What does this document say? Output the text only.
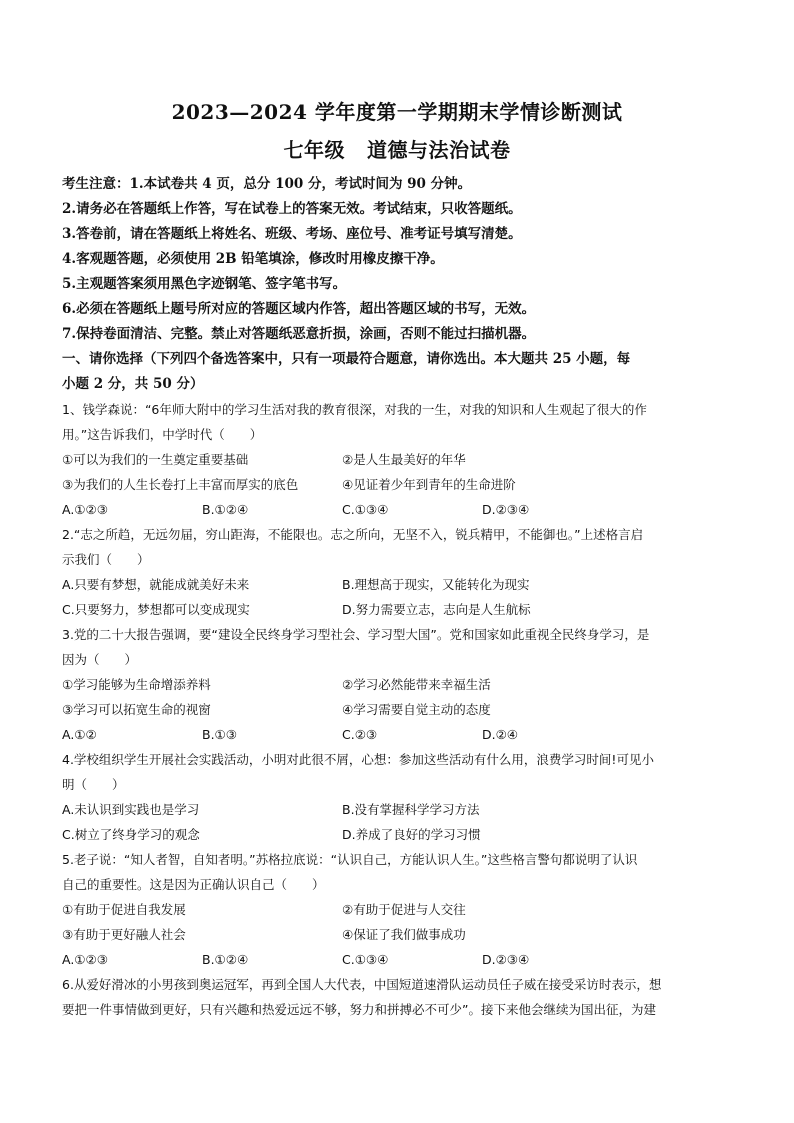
2023—2024 学年度第一学期期末学情诊断测试
七年级 道德与法治试卷
考生注意：1.本试卷共 4 页，总分 100 分，考试时间为 90 分钟。
2.请务必在答题纸上作答，写在试卷上的答案无效。考试结束，只收答题纸。
3.答卷前，请在答题纸上将姓名、班级、考场、座位号、准考证号填写清楚。
4.客观题答题，必须使用 2B 铅笔填涂，修改时用橡皮擦干净。
5.主观题答案须用黑色字迹钢笔、签字笔书写。
6.必须在答题纸上题号所对应的答题区域内作答，超出答题区域的书写，无效。
7.保持卷面清洁、完整。禁止对答题纸恶意折损，涂画，否则不能过扫描机器。
一、请你选择（下列四个备选答案中，只有一项最符合题意，请你选出。本大题共 25 小题，每
小题 2 分，共 50 分）
1、钱学森说：“6年师大附中的学习生活对我的教育很深，对我的一生，对我的知识和人生观起了很大的作
用。”这告诉我们，中学时代（　　）
①可以为我们的一生奠定重要基础	②是人生最美好的年华
③为我们的人生长卷打上丰富而厚实的底色	④见证着少年到青年的生命进阶
A.①②③	B.①②④	C.①③④	D.②③④
2.“志之所趋，无远勿届，穷山距海，不能限也。志之所向，无坚不入，锐兵精甲，不能御也。”上述格言启
示我们（　　）
A.只要有梦想，就能成就美好未来	B.理想高于现实，又能转化为现实
C.只要努力，梦想都可以变成现实	D.努力需要立志，志向是人生航标
3.党的二十大报告强调，要“建设全民终身学习型社会、学习型大国”。党和国家如此重视全民终身学习，是
因为（　　）
①学习能够为生命增添养料	②学习必然能带来幸福生活
③学习可以拓宽生命的视窗	④学习需要自觉主动的态度
A.①②	B.①③	C.②③	D.②④
4.学校组织学生开展社会实践活动，小明对此很不屑，心想：参加这些活动有什么用，浪费学习时间!可见小
明（　　）
A.未认识到实践也是学习	B.没有掌握科学学习方法
C.树立了终身学习的观念	D.养成了良好的学习习惯
5.老子说：“知人者智，自知者明。”苏格拉底说：“认识自己，方能认识人生。”这些格言警句都说明了认识
自己的重要性。这是因为正确认识自己（　　）
①有助于促进自我发展	②有助于促进与人交往
③有助于更好融人社会	④保证了我们做事成功
A.①②③	B.①②④	C.①③④	D.②③④
6.从爱好滑冰的小男孩到奥运冠军，再到全国人大代表，中国短道速滑队运动员任子威在接受采访时表示，想
要把一件事情做到更好，只有兴趣和热爱远远不够，努力和拼搏必不可少”。接下来他会继续为国出征，为建
